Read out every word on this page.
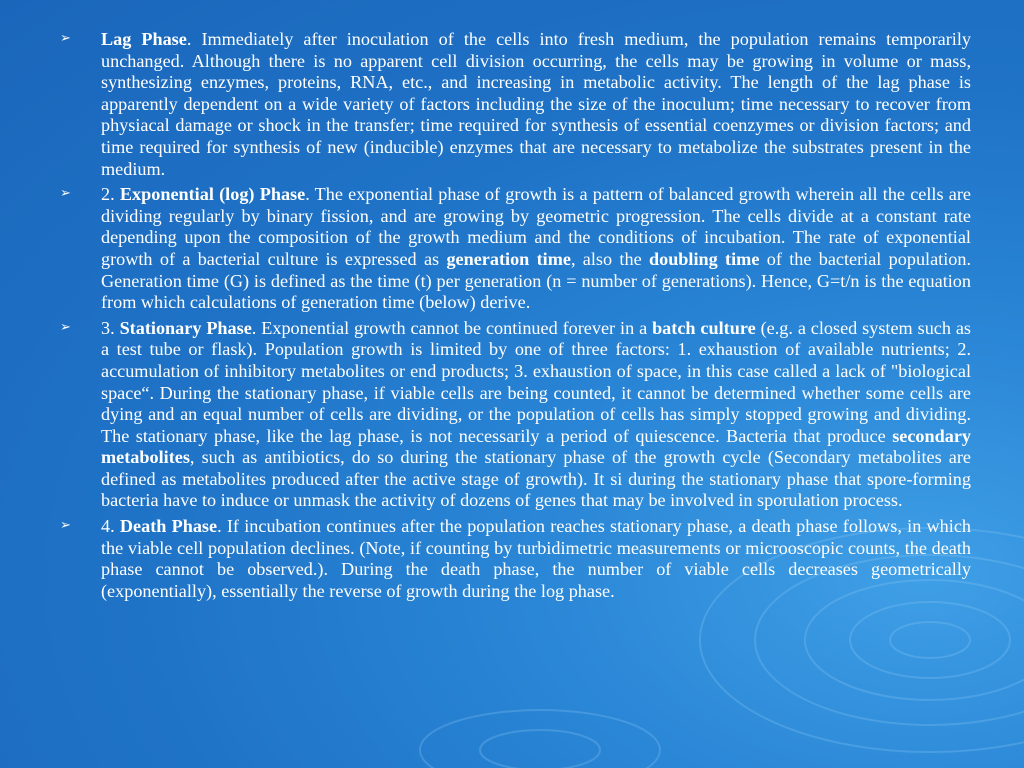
➢ Lag Phase. Immediately after inoculation of the cells into fresh medium, the population remains temporarily unchanged. Although there is no apparent cell division occurring, the cells may be growing in volume or mass, synthesizing enzymes, proteins, RNA, etc., and increasing in metabolic activity. The length of the lag phase is apparently dependent on a wide variety of factors including the size of the inoculum; time necessary to recover from physiacal damage or shock in the transfer; time required for synthesis of essential coenzymes or division factors; and time required for synthesis of new (inducible) enzymes that are necessary to metabolize the substrates present in the medium.

➢ 2. Exponential (log) Phase. The exponential phase of growth is a pattern of balanced growth wherein all the cells are dividing regularly by binary fission, and are growing by geometric progression. The cells divide at a constant rate depending upon the composition of the growth medium and the conditions of incubation. The rate of exponential growth of a bacterial culture is expressed as generation time, also the doubling time of the bacterial population. Generation time (G) is defined as the time (t) per generation (n = number of generations). Hence, G=t/n is the equation from which calculations of generation time (below) derive.

➢ 3. Stationary Phase. Exponential growth cannot be continued forever in a batch culture (e.g. a closed system such as a test tube or flask). Population growth is limited by one of three factors: 1. exhaustion of available nutrients; 2. accumulation of inhibitory metabolites or end products; 3. exhaustion of space, in this case called a lack of "biological space“. During the stationary phase, if viable cells are being counted, it cannot be determined whether some cells are dying and an equal number of cells are dividing, or the population of cells has simply stopped growing and dividing. The stationary phase, like the lag phase, is not necessarily a period of quiescence. Bacteria that produce secondary metabolites, such as antibiotics, do so during the stationary phase of the growth cycle (Secondary metabolites are defined as metabolites produced after the active stage of growth). It si during the stationary phase that spore-forming bacteria have to induce or unmask the activity of dozens of genes that may be involved in sporulation process.

➢ 4. Death Phase. If incubation continues after the population reaches stationary phase, a death phase follows, in which the viable cell population declines. (Note, if counting by turbidimetric measurements or microoscopic counts, the death phase cannot be observed.). During the death phase, the number of viable cells decreases geometrically (exponentially), essentially the reverse of growth during the log phase.
